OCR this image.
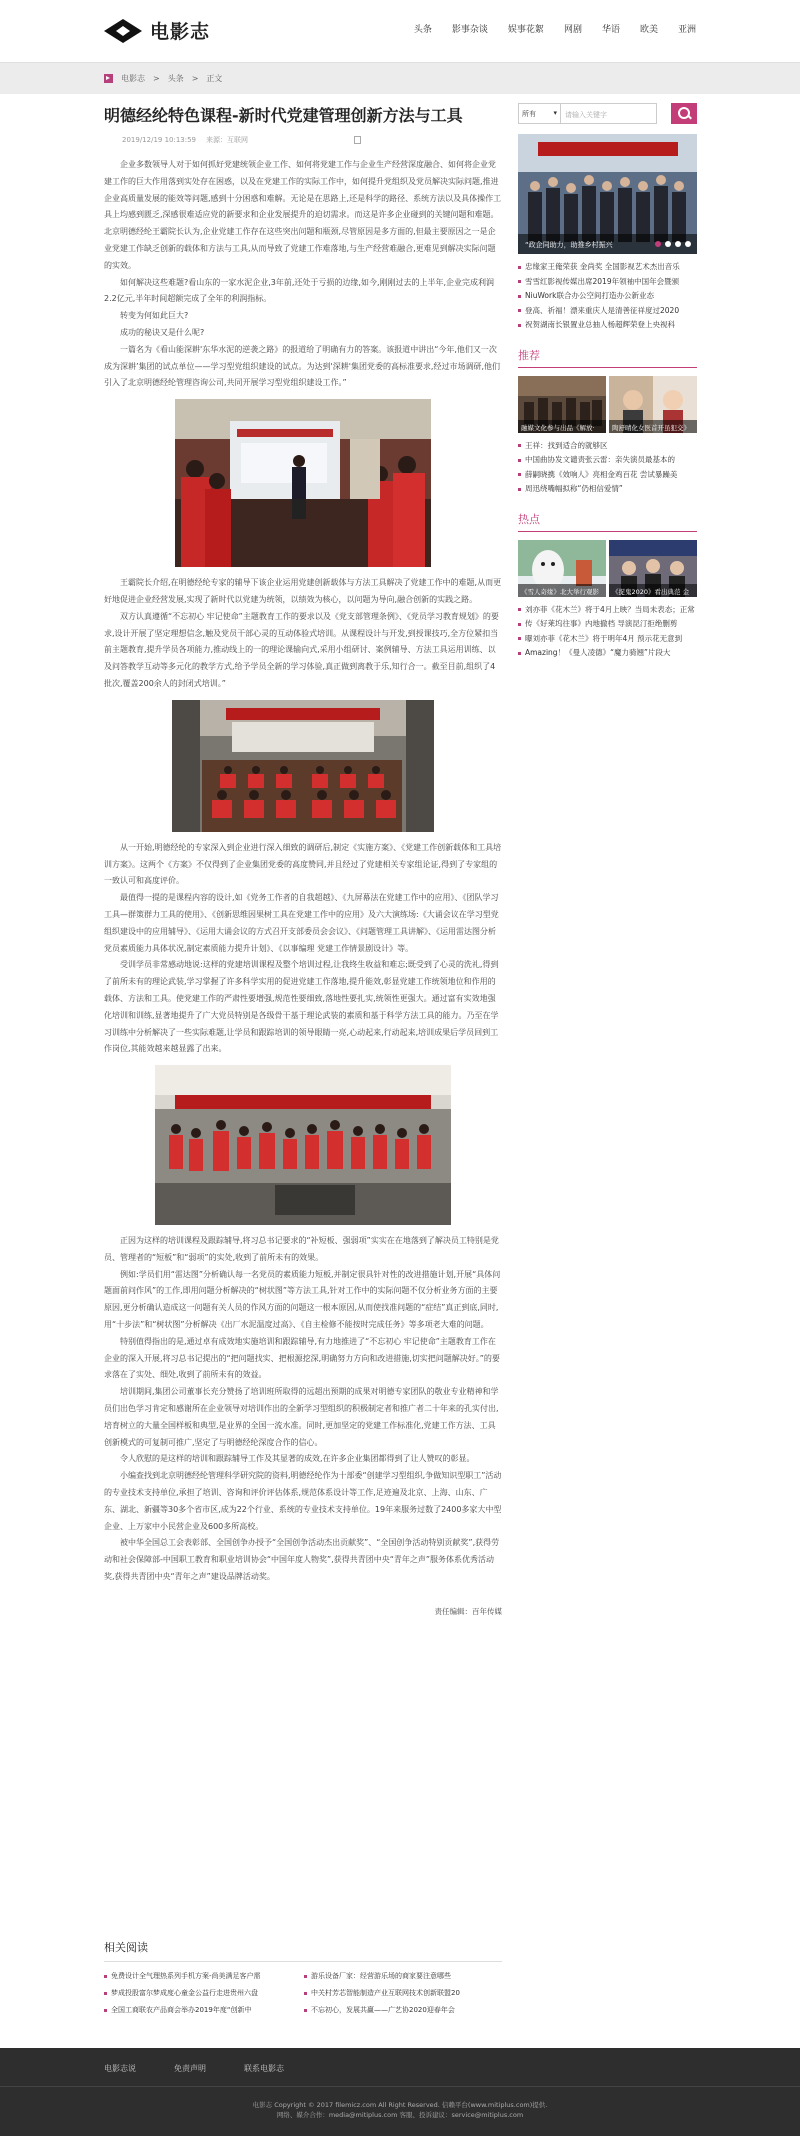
电影志	头条 影事杂谈 娱事花絮 网剧 华语 欧美 亚洲
电影志 > 头条 > 正文
明德经纶特色课程-新时代党建管理创新方法与工具
2019/12/19 10:13:59 来源：互联网

企业多数领导人对于如何抓好党建统领企业工作、如何将党建工作与企业生产经营深度融合、如何将企业党建工作的巨大作用落到实处存在困惑，以及在党建工作的实际工作中，如何提升党组织及党员解决实际问题,推进企业高质量发展的能效等问题,感到十分困惑和难解。无论是在思路上,还是科学的路径、系统方法以及具体操作工具上均感到匮乏,深感很难适应党的新要求和企业发展提升的迫切需求。而这是许多企业碰到的关键问题和难题。北京明德经纶王霸院长认为,企业党建工作存在这些突出问题和瓶颈,尽管原因是多方面的,但最主要原因之一是企业党建工作缺乏创新的载体和方法与工具,从而导致了党建工作难落地,与生产经营难融合,更难见到解决实际问题的实效。

如何解决这些难题?看山东的一家水泥企业,3年前,还处于亏损的边缘,如今,刚刚过去的上半年,企业完成利润2.2亿元,半年时间超额完成了全年的利润指标。

转变为何如此巨大?

成功的秘诀又是什么呢?

一篇名为《看山能深耕'东华水泥的逆袭之路》的报道给了明确有力的答案。该报道中讲出“今年,他们又一次成为深耕’集团的试点单位——学习型党组织建设的试点。为达到'深耕'集团党委的高标准要求,经过市场调研,他们引入了北京明德经纶管理咨询公司,共同开展学习型党组织建设工作。”

王霸院长介绍,在明德经纶专家的辅导下该企业运用党建创新载体与方法工具解决了党建工作中的难题,从而更好地促进企业经营发展,实现了新时代以党建为统领，以绩效为核心，以问题为导向,融合创新的实践之路。

双方认真遵循“不忘初心 牢记使命”主题教育工作的要求以及《党支部管理条例》、《党员学习教育规划》的要求,设计开展了坚定理想信念,触及党员干部心灵的互动体验式培训。从课程设计与开发,到授课技巧,全方位紧扣当前主题教育,提升学员各项能力,推动线上的一的理论课输向式,采用小组研讨、案例辅导、方法工具运用训练、以及问答教学互动等多元化的教学方式,给予学员全新的学习体验,真正做到离教于乐,知行合一。截至目前,组织了4批次,覆盖200余人的封闭式培训。”

从一开始,明德经纶的专家深入到企业进行深入细致的调研后,制定《实施方案》、《党建工作创新载体和工具培训方案》。这两个《方案》不仅得到了企业集团党委的高度赞同,并且经过了党建相关专家组论证,得到了专家组的一致认可和高度评价。

最值得一提的是课程内容的设计,如《党务工作者的自我超越》、《九屏幕法在党建工作中的应用》、《团队学习工具—群策群力工具的使用》、《创新思维因果树工具在党建工作中的应用》及六大演练场:《大诵会议在学习型党组织建设中的应用辅导》、《运用大诵会议的方式召开支部委员会会议》、《问题管理工具讲解》、《运用雷达图分析党员素质能力具体状况,制定素质能力提升计划》、《以事编理 党建工作情景剧设计》等。

受训学员非常感动地说:这样的党建培训课程及整个培训过程,让我终生收益和难忘;既受到了心灵的洗礼,得到了前所未有的理论武装,学习掌握了许多科学实用的促进党建工作落地,提升能效,彰显党建工作统领地位和作用的载体、方法和工具。使党建工作的严肃性要增强,规范性要细致,落地性要扎实,统领性更强大。通过富有实效地强化培训和训练,显著地提升了广大党员特别是各级骨干基于理论武装的素质和基于科学方法工具的能力。乃至在学习训练中分析解决了一些实际难题,让学员和跟踪培训的领导眼睛一亮,心动起来,行动起来,培训成果后学员回到工作岗位,其能效越来越显露了出来。

正因为这样的培训课程及跟踪辅导,将习总书记要求的“补短板、强弱项”实实在在地落到了解决员工特别是党员、管理者的“短板”和“弱项”的实处,收到了前所未有的效果。

例如:学员们用“雷达图”分析确认每一名党员的素质能力短板,并制定很具针对性的改进措施计划,开展“具体问题面前问作风”的工作,即用问题分析解决的“树状图”等方法工具,针对工作中的实际问题不仅分析业务方面的主要原因,更分析确认造成这一问题有关人员的作风方面的问题这一根本原因,从而使找准问题的“症结”真正到底,同时,用“十步法”和“树状图”分析解决《出厂水泥温度过高》、《自主检修不能按时完成任务》等多项老大难的问题。

特别值得指出的是,通过卓有成效地实施培训和跟踪辅导,有力地推进了“不忘初心 牢记使命”主题教育工作在企业的深入开展,将习总书记提出的“把问题找实、把根源挖深,明确努力方向和改进措施,切实把问题解决好。”的要求落在了实处、细处,收到了前所未有的效益。

培训期间,集团公司董事长充分赞扬了培训班所取得的远超出预期的成果对明德专家团队的敬业专业精神和学员们出色学习肯定和感谢所在企业领导对培训作出的全新学习型组织的积极制定者和推广者二十年来的孔实付出,培育树立的大量全国样板和典型,是业界的全国一流水准。同时,更加坚定的党建工作标准化,党建工作方法、工具创新模式的可复制可推广,坚定了与明德经纶深度合作的信心。

令人欣慰的是这样的培训和跟踪辅导工作及其显著的成效,在许多企业集团都得到了让人赞叹的彰显。

小编查找到北京明德经纶管理科学研究院的资料,明德经纶作为十部委“创建学习型组织,争做知识型职工”活动的专业技术支持单位,承担了培训、咨询和评价评估体系,规范体系设计等工作,足迹遍及北京、上海、山东、广东、湖北、新疆等30多个省市区,成为22个行业、系统的专业技术支持单位。19年来服务过数了2400多家大中型企业、上万家中小民营企业及600多所高校。

被中华全国总工会表彰部、全国创争办授予“全国创争活动杰出贡献奖”、“全国创争活动特别贡献奖”,获得劳动和社会保障部-中国职工教育和职业培训协会“中国年度人物奖”,获得共青团中央“青年之声”服务体系优秀活动奖,获得共青团中央“青年之声”建设品牌活动奖。

责任编辑：百年传媒
所有 ▾	请输入关键字
“政企同助力，助推乡村振兴
忠缘家王俺荣获 金尚奖 全国影视艺术杰出音乐
雪雪红影视传媒出席2019年领袖中国年会暨颁
NiuWork联合办公空间打造办公新业态
登高、祈福！漂来重庆人是清善征祥度过2020
祝贺湖南长银置业总抽人杨超辉荣登上央视科
推荐
融媒文化参与出品《解放·	陶舒晴化女医首开虽犯交》
王祥：找到适合的就够区
中国曲协发文谴责张云雷：亲失演员最基本的
薛嗣晓携《效响人》亮相金鸡百花 尝试暴躁美
周迅绕嘴幅拟称“仍相信爱情”
热点
《雪人奇缘》北大举行观影	《捉鬼2020》看出典范 金
刘亦菲《花木兰》将于4月上映？当局未表态；正常
传《好莱坞往事》内地撤档 导演昆汀拒绝删剪
曝刘亦菲《花木兰》将于明年4月 预示花无意到
Amazing！《曼人凌德》“魔力骑翘”片段大
相关阅读
免费设计全气理热系列手机方案-尚美满足客户需	游乐设备厂家：经营游乐场的商家要注意哪些
梦成投股富尔梦成度心童金公益行走进贵州六盘	中关村芳芯智能制造产业互联网技术创新联盟20
全国工商联农产品商会举办2019年度“创新中	不忘初心，发展共赢——广艺协2020迎春年会
电影志说	免责声明	联系电影志
电影志 Copyright © 2017 filemicz.com All Right Reserved. 信赖平台(www.mitiplus.com)提供.
网络、媒介合作：media@mitiplus.com 客服、投诉建议：service@mitiplus.com
